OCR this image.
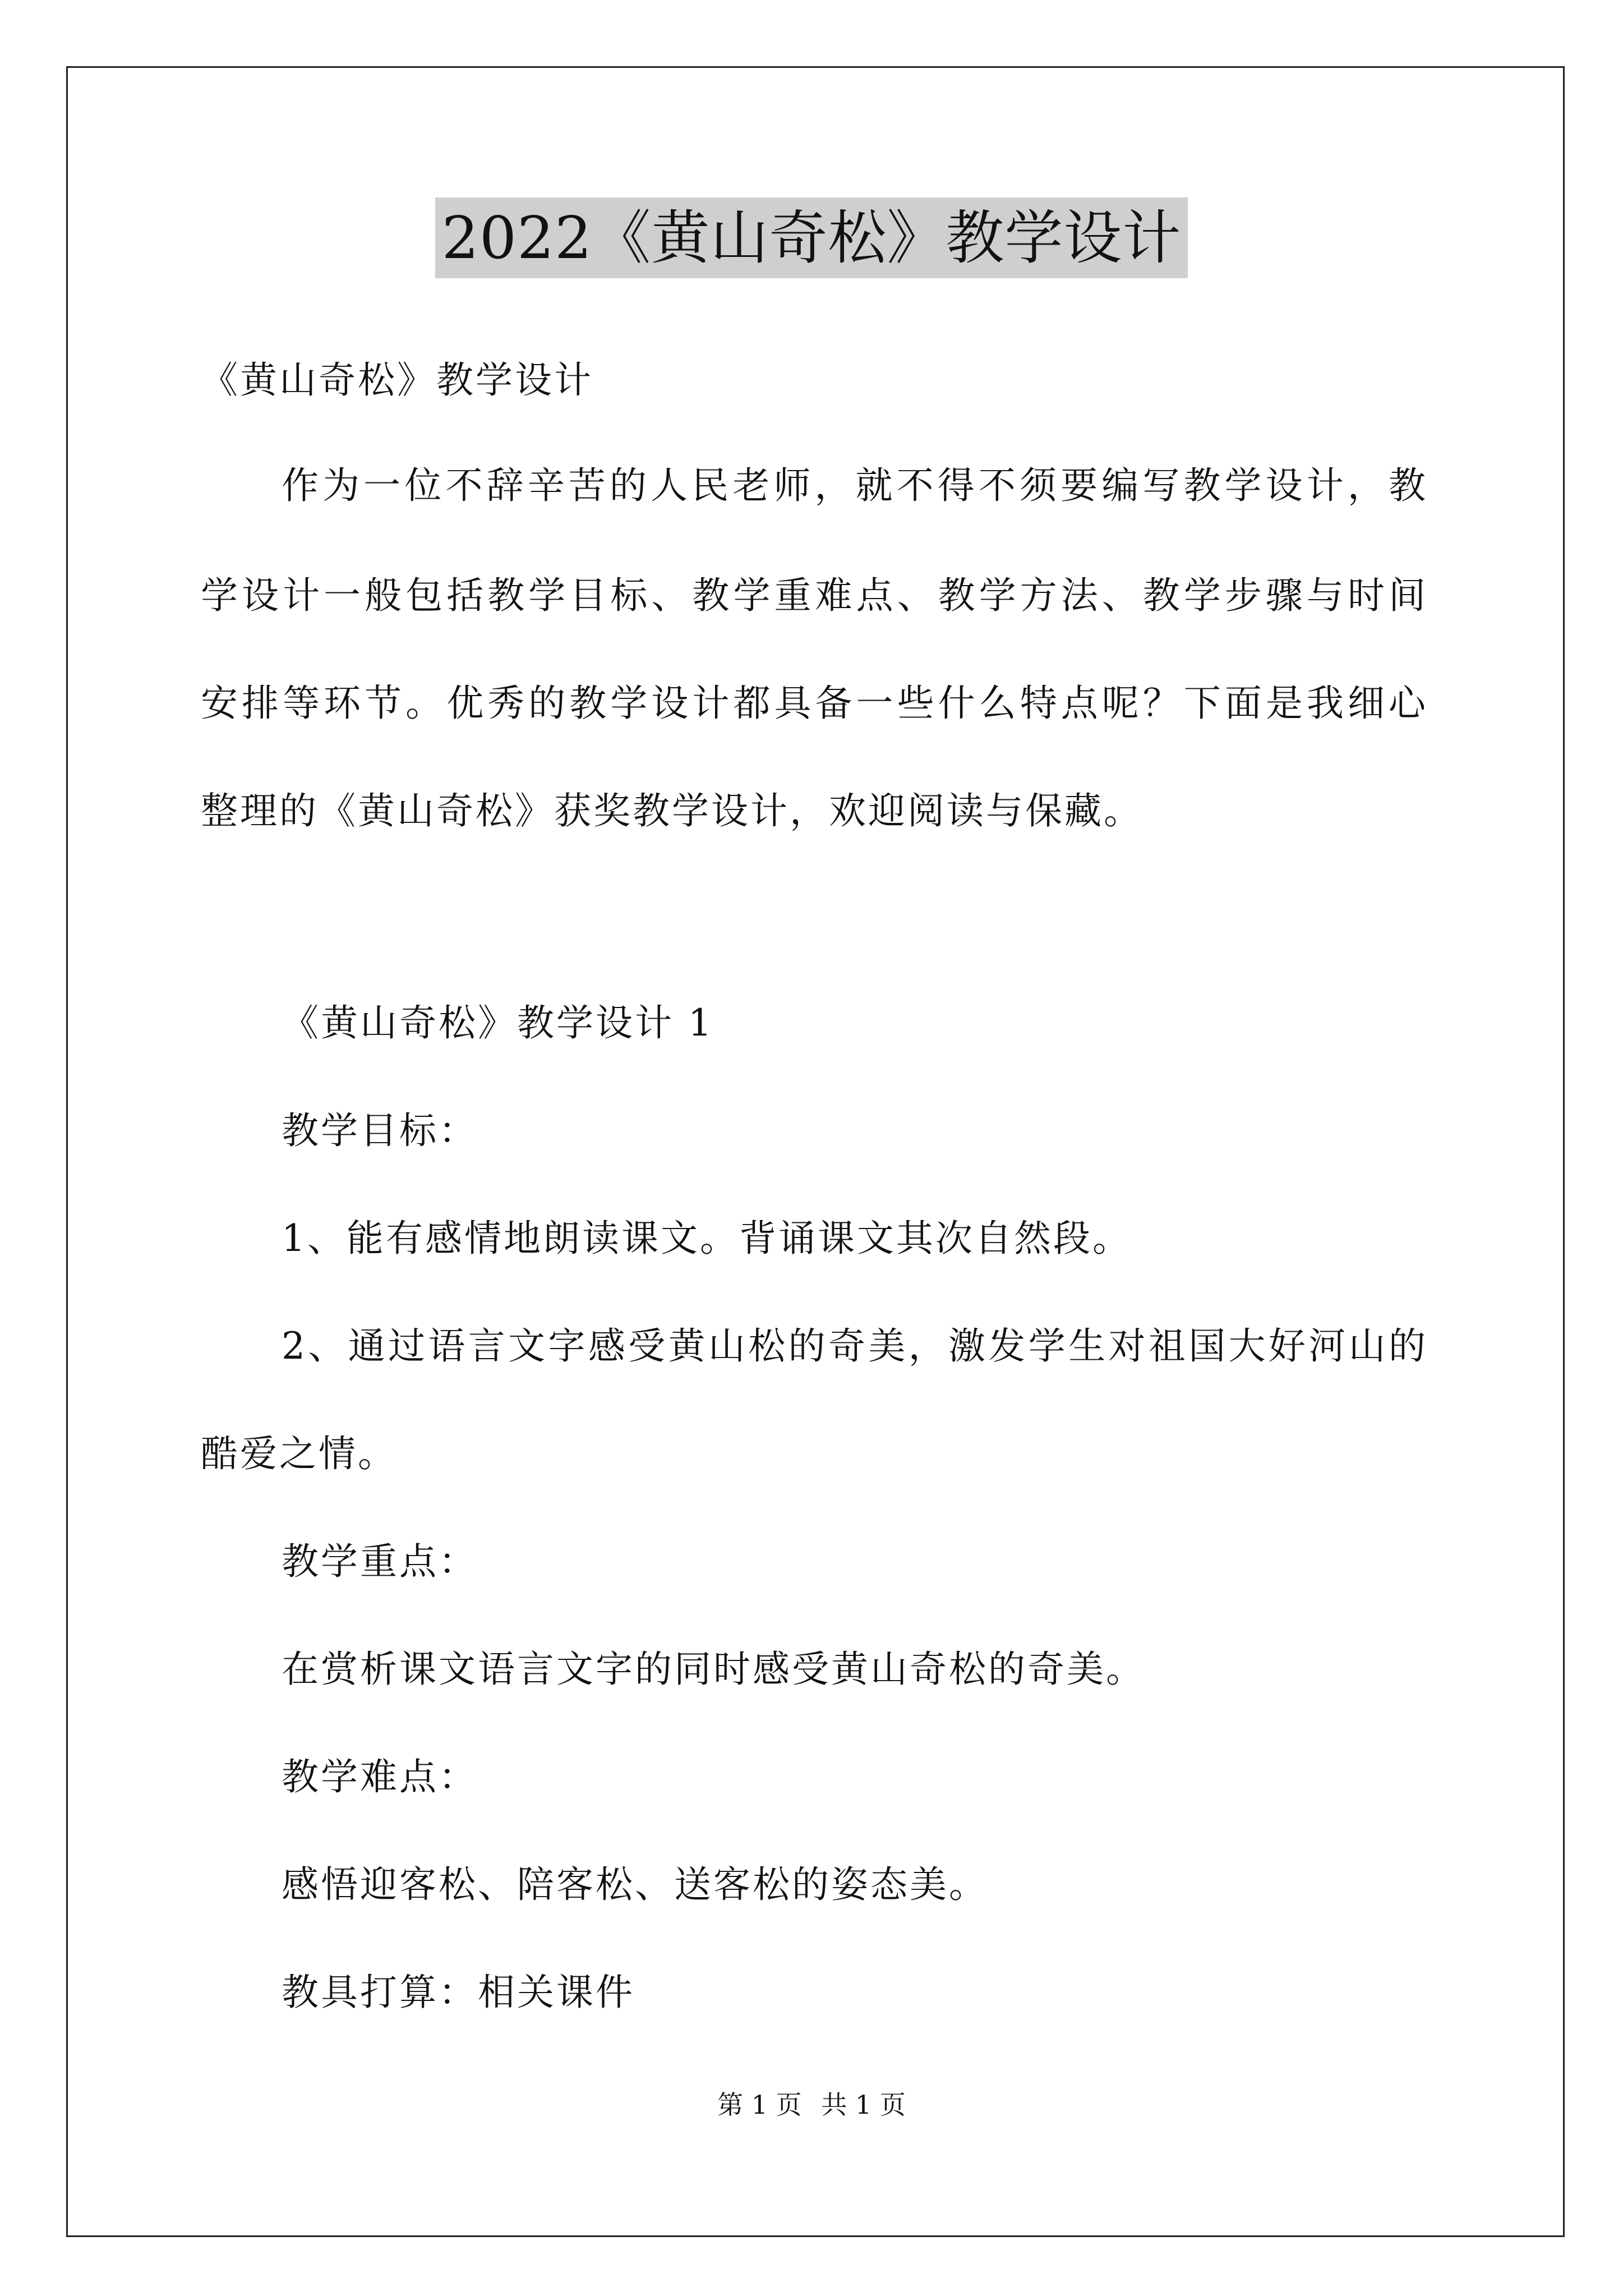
2022《黄山奇松》教学设计
《黄山奇松》教学设计
作为一位不辞辛苦的人民老师，就不得不须要编写教学设计，教
学设计一般包括教学目标、教学重难点、教学方法、教学步骤与时间
安排等环节。优秀的教学设计都具备一些什么特点呢？下面是我细心
整理的《黄山奇松》获奖教学设计，欢迎阅读与保藏。
《黄山奇松》教学设计 1
教学目标：
1、能有感情地朗读课文。背诵课文其次自然段。
2、通过语言文字感受黄山松的奇美，激发学生对祖国大好河山的
酷爱之情。
教学重点：
在赏析课文语言文字的同时感受黄山奇松的奇美。
教学难点：
感悟迎客松、陪客松、送客松的姿态美。
教具打算：相关课件
第 1 页 共 1 页
